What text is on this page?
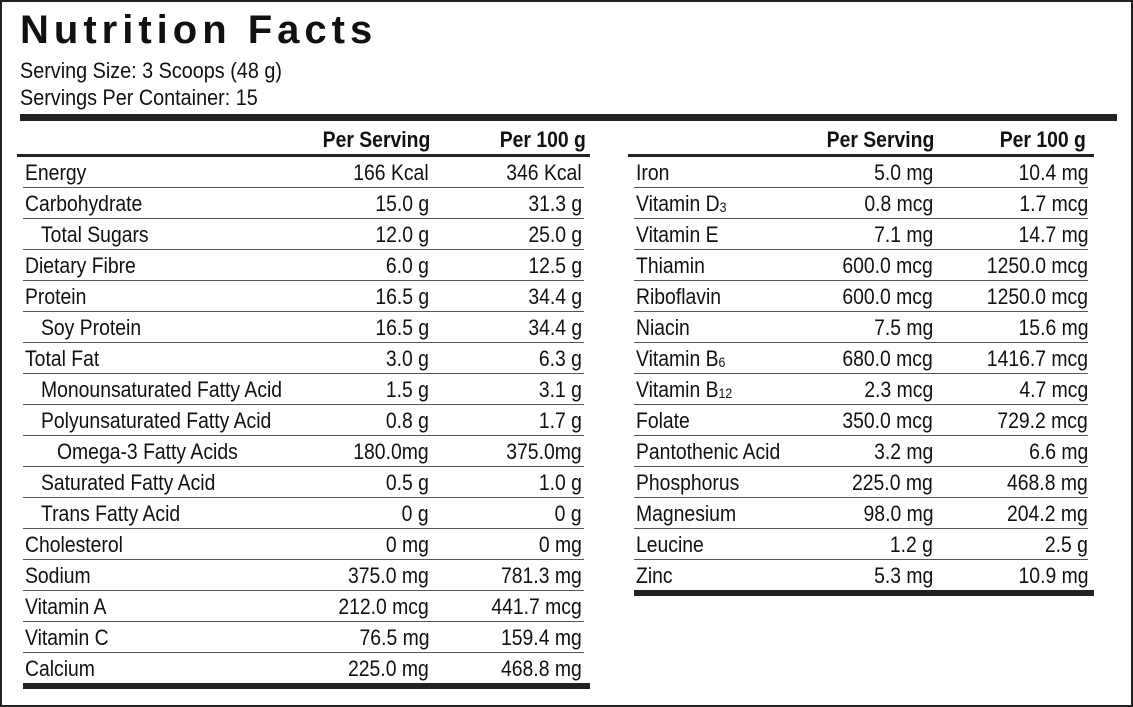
Nutrition Facts
Serving Size: 3 Scoops (48 g)
Servings Per Container: 15
Per Serving	Per 100 g
Energy	166 Kcal	346 Kcal
Carbohydrate	15.0 g	31.3 g
Total Sugars	12.0 g	25.0 g
Dietary Fibre	6.0 g	12.5 g
Protein	16.5 g	34.4 g
Soy Protein	16.5 g	34.4 g
Total Fat	3.0 g	6.3 g
Monounsaturated Fatty Acid	1.5 g	3.1 g
Polyunsaturated Fatty Acid	0.8 g	1.7 g
Omega-3 Fatty Acids	180.0mg	375.0mg
Saturated Fatty Acid	0.5 g	1.0 g
Trans Fatty Acid	0 g	0 g
Cholesterol	0 mg	0 mg
Sodium	375.0 mg	781.3 mg
Vitamin A	212.0 mcg	441.7 mcg
Vitamin C	76.5 mg	159.4 mg
Calcium	225.0 mg	468.8 mg
Per Serving	Per 100 g
Iron	5.0 mg	10.4 mg
Vitamin $D_3$	0.8 mcg	1.7 mcg
Vitamin E	7.1 mg	14.7 mg
Thiamin	600.0 mcg 1250.0 mcg
Riboflavin	600.0 mcg 1250.0 mcg
Niacin	7.5 mg	15.6 mg
Vitamin $B_6$	680.0 mcg 1416.7 mcg
Vitamin $B_{12}$	2.3 mcg	4.7 mcg
Folate	350.0 mcg	729.2 mcg
Pantothenic Acid	3.2 mg	6.6 mg
Phosphorus	225.0 mg	468.8 mg
Magnesium	98.0 mg	204.2 mg
Leucine	1.2 g	2.5 g
Zinc	5.3 mg	10.9 mg
